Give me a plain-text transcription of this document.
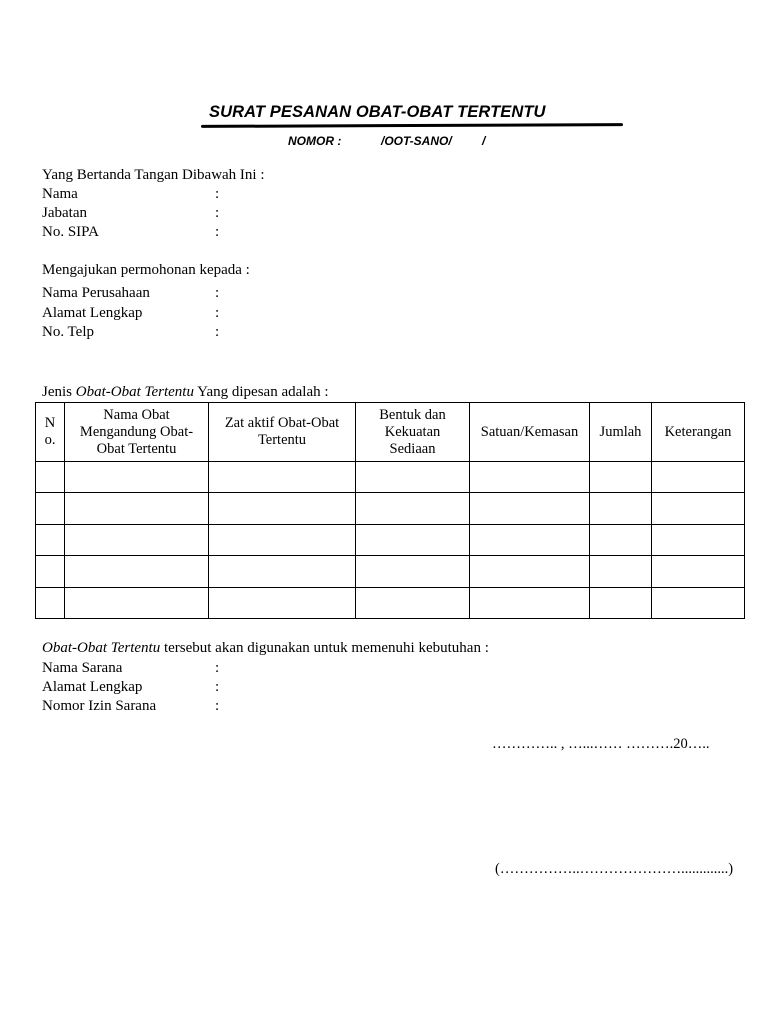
SURAT PESANAN OBAT-OBAT TERTENTU
NOMOR :	/OOT-SANO/	/
Yang Bertanda Tangan Dibawah Ini :
Nama	:
Jabatan	:
No. SIPA	:
Mengajukan permohonan kepada :
Nama Perusahaan	:
Alamat Lengkap	:
No. Telp	:
Jenis Obat-Obat Tertentu Yang dipesan adalah :
N o.	Nama Obat Mengandung Obat-Obat Tertentu	Zat aktif Obat-Obat Tertentu	Bentuk dan Kekuatan Sediaan	Satuan/Kemasan	Jumlah	Keterangan

Obat-Obat Tertentu tersebut akan digunakan untuk memenuhi kebutuhan :
Nama Sarana	:
Alamat Lengkap	:
Nomor Izin Sarana	:
………….. , …...…… ……….20…..
(……………..………………….............)
